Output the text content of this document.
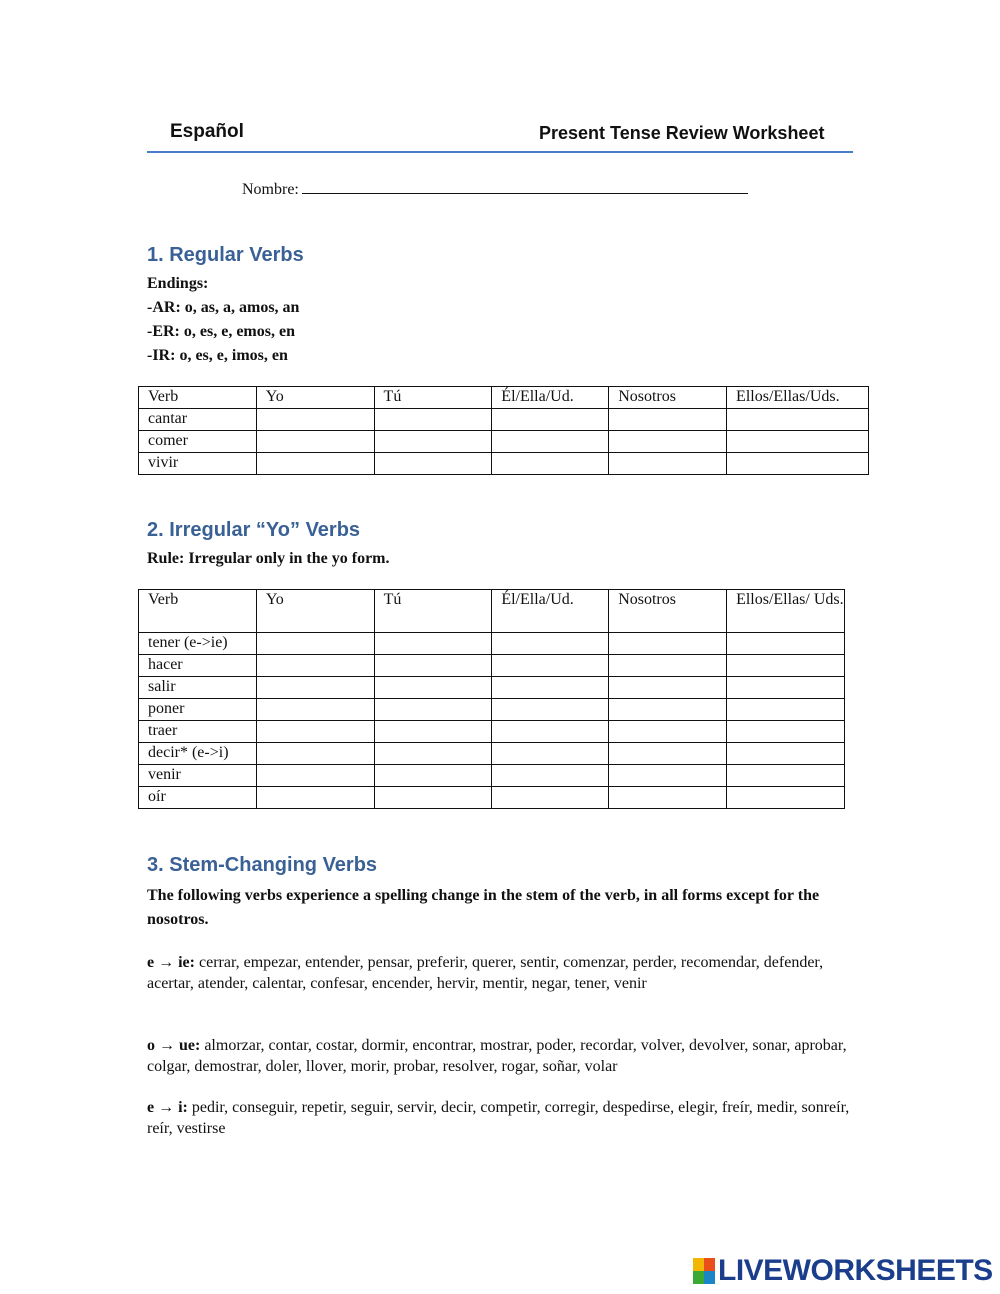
Español	Present Tense Review Worksheet
Nombre:
1. Regular Verbs
Endings:
-AR: o, as, a, amos, an
-ER: o, es, e, emos, en
-IR: o, es, e, imos, en
Verb	Yo	Tú	Él/Ella/Ud.	Nosotros	Ellos/Ellas/Uds.
cantar					
comer					
vivir					
2. Irregular “Yo” Verbs
Rule: Irregular only in the yo form.
Verb	Yo	Tú	Él/Ella/Ud.	Nosotros	Ellos/Ellas/ Uds.
tener (e->ie)					
hacer					
salir					
poner					
traer					
decir* (e->i)					
venir					
oír					
3. Stem-Changing Verbs
The following verbs experience a spelling change in the stem of the verb, in all forms except for the nosotros.
e → ie: cerrar, empezar, entender, pensar, preferir, querer, sentir, comenzar, perder, recomendar, defender, acertar, atender, calentar, confesar, encender, hervir, mentir, negar, tener, venir
o → ue: almorzar, contar, costar, dormir, encontrar, mostrar, poder, recordar, volver, devolver, sonar, aprobar, colgar, demostrar, doler, llover, morir, probar, resolver, rogar, soñar, volar
e → i: pedir, conseguir, repetir, seguir, servir, decir, competir, corregir, despedirse, elegir, freír, medir, sonreír, reír, vestirse
LIVEWORKSHEETS
